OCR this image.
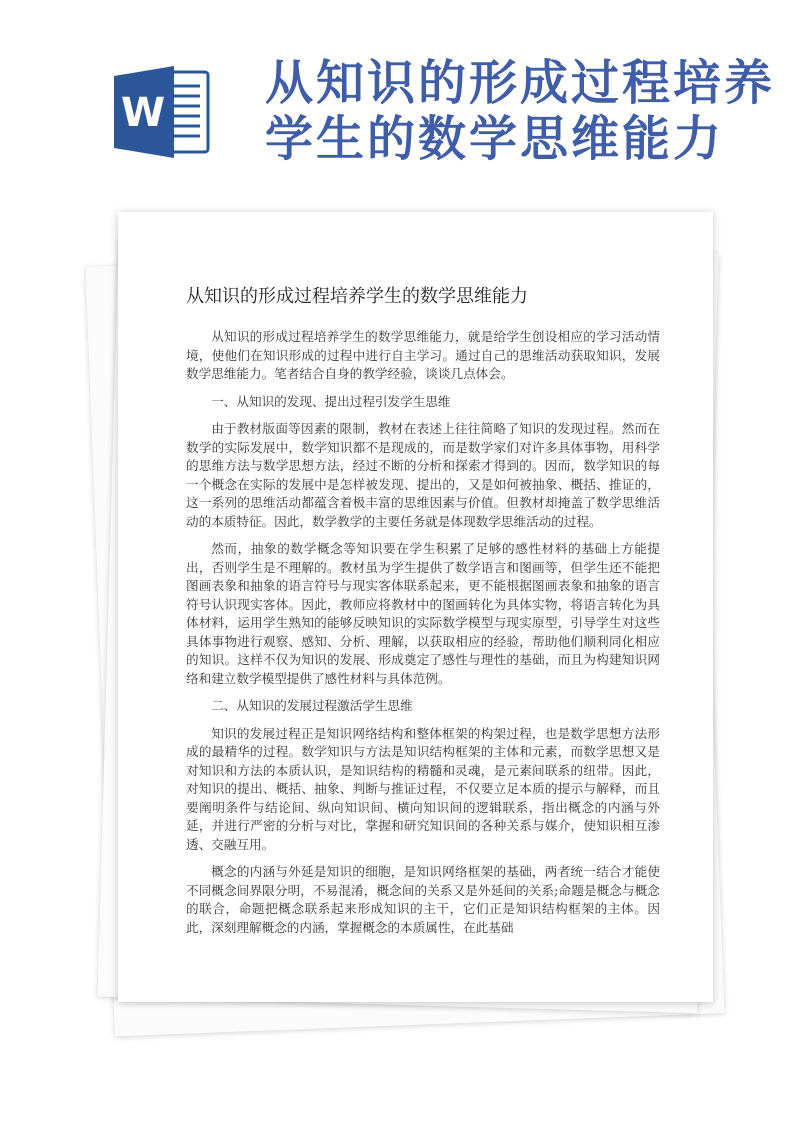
W
从知识的形成过程培养学生的数学思维能力
从知识的形成过程培养学生的数学思维能力

从知识的形成过程培养学生的数学思维能力，就是给学生创设相应的学习活动情境，使他们在知识形成的过程中进行自主学习。通过自己的思维活动获取知识，发展数学思维能力。笔者结合自身的教学经验，谈谈几点体会。

一、从知识的发现、提出过程引发学生思维

由于教材版面等因素的限制，教材在表述上往往简略了知识的发现过程。然而在数学的实际发展中，数学知识都不是现成的，而是数学家们对许多具体事物，用科学的思维方法与数学思想方法，经过不断的分析和探索才得到的。因而，数学知识的每一个概念在实际的发展中是怎样被发现、提出的，又是如何被抽象、概括、推证的，这一系列的思维活动都蕴含着极丰富的思维因素与价值。但教材却掩盖了数学思维活动的本质特征。因此，数学教学的主要任务就是体现数学思维活动的过程。

然而，抽象的数学概念等知识要在学生积累了足够的感性材料的基础上方能提出，否则学生是不理解的。教材虽为学生提供了数学语言和图画等，但学生还不能把图画表象和抽象的语言符号与现实客体联系起来，更不能根据图画表象和抽象的语言符号认识现实客体。因此，教师应将教材中的图画转化为具体实物，将语言转化为具体材料，运用学生熟知的能够反映知识的实际数学模型与现实原型，引导学生对这些具体事物进行观察、感知、分析、理解，以获取相应的经验，帮助他们顺利同化相应的知识。这样不仅为知识的发展、形成奠定了感性与理性的基础，而且为构建知识网络和建立数学模型提供了感性材料与具体范例。

二、从知识的发展过程激活学生思维

知识的发展过程正是知识网络结构和整体框架的构架过程，也是数学思想方法形成的最精华的过程。数学知识与方法是知识结构框架的主体和元素，而数学思想又是对知识和方法的本质认识，是知识结构的精髓和灵魂，是元素间联系的纽带。因此，对知识的提出、概括、抽象、判断与推证过程，不仅要立足本质的提示与解释，而且要阐明条件与结论间、纵向知识间、横向知识间的逻辑联系，指出概念的内涵与外延，并进行严密的分析与对比，掌握和研究知识间的各种关系与媒介，使知识相互渗透、交融互用。

概念的内涵与外延是知识的细胞，是知识网络框架的基础，两者统一结合才能使不同概念间界限分明，不易混淆，概念间的关系又是外延间的关系;命题是概念与概念的联合，命题把概念联系起来形成知识的主干，它们正是知识结构框架的主体。因此，深刻理解概念的内涵，掌握概念的本质属性，在此基础
